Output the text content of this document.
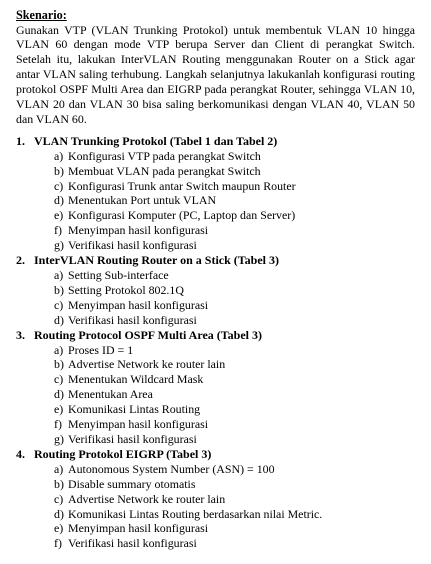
Skenario:

Gunakan VTP (VLAN Trunking Protokol) untuk membentuk VLAN 10 hingga VLAN 60 dengan mode VTP berupa Server dan Client di perangkat Switch. Setelah itu, lakukan InterVLAN Routing menggunakan Router on a Stick agar antar VLAN saling terhubung. Langkah selanjutnya lakukanlah konfigurasi routing protokol OSPF Multi Area dan EIGRP pada perangkat Router, sehingga VLAN 10, VLAN 20 dan VLAN 30 bisa saling berkomunikasi dengan VLAN 40, VLAN 50 dan VLAN 60.

1. VLAN Trunking Protokol (Tabel 1 dan Tabel 2)
a) Konfigurasi VTP pada perangkat Switch
b) Membuat VLAN pada perangkat Switch
c) Konfigurasi Trunk antar Switch maupun Router
d) Menentukan Port untuk VLAN
e) Konfigurasi Komputer (PC, Laptop dan Server)
f) Menyimpan hasil konfigurasi
g) Verifikasi hasil konfigurasi
2. InterVLAN Routing Router on a Stick (Tabel 3)
a) Setting Sub-interface
b) Setting Protokol 802.1Q
c) Menyimpan hasil konfigurasi
d) Verifikasi hasil konfigurasi
3. Routing Protocol OSPF Multi Area (Tabel 3)
a) Proses ID = 1
b) Advertise Network ke router lain
c) Menentukan Wildcard Mask
d) Menentukan Area
e) Komunikasi Lintas Routing
f) Menyimpan hasil konfigurasi
g) Verifikasi hasil konfigurasi
4. Routing Protokol EIGRP (Tabel 3)
a) Autonomous System Number (ASN) = 100
b) Disable summary otomatis
c) Advertise Network ke router lain
d) Komunikasi Lintas Routing berdasarkan nilai Metric.
e) Menyimpan hasil konfigurasi
f) Verifikasi hasil konfigurasi
